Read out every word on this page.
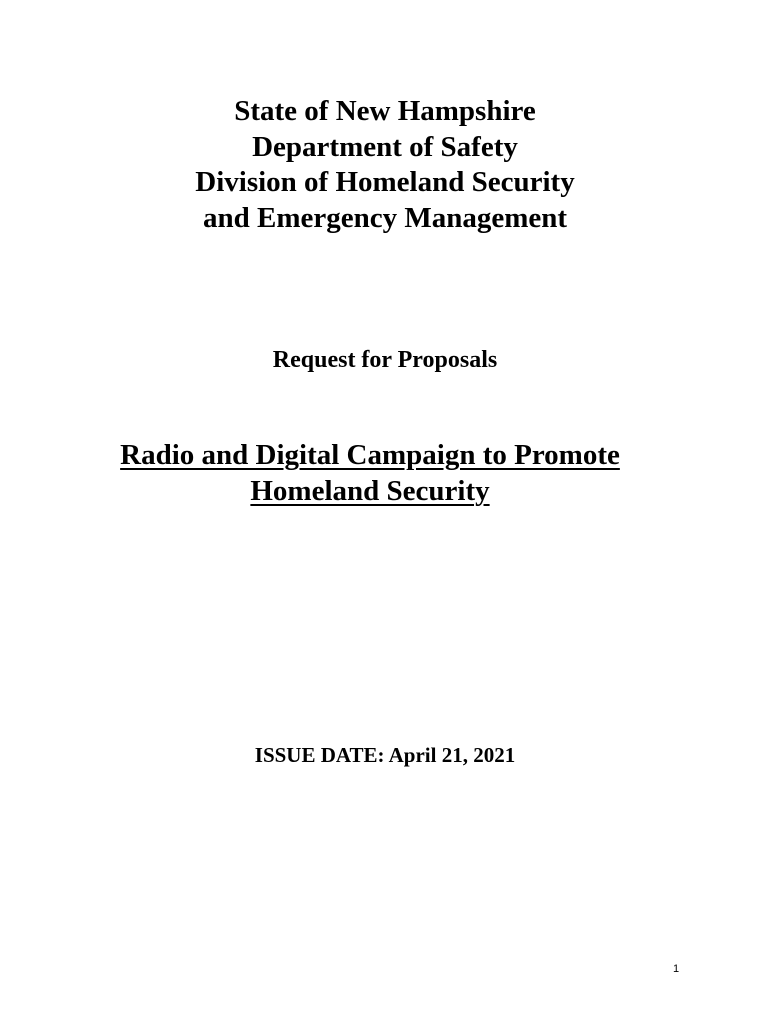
State of New Hampshire
Department of Safety
Division of Homeland Security
and Emergency Management
Request for Proposals
Radio and Digital Campaign to Promote
Homeland Security
ISSUE DATE: April 21, 2021
1
